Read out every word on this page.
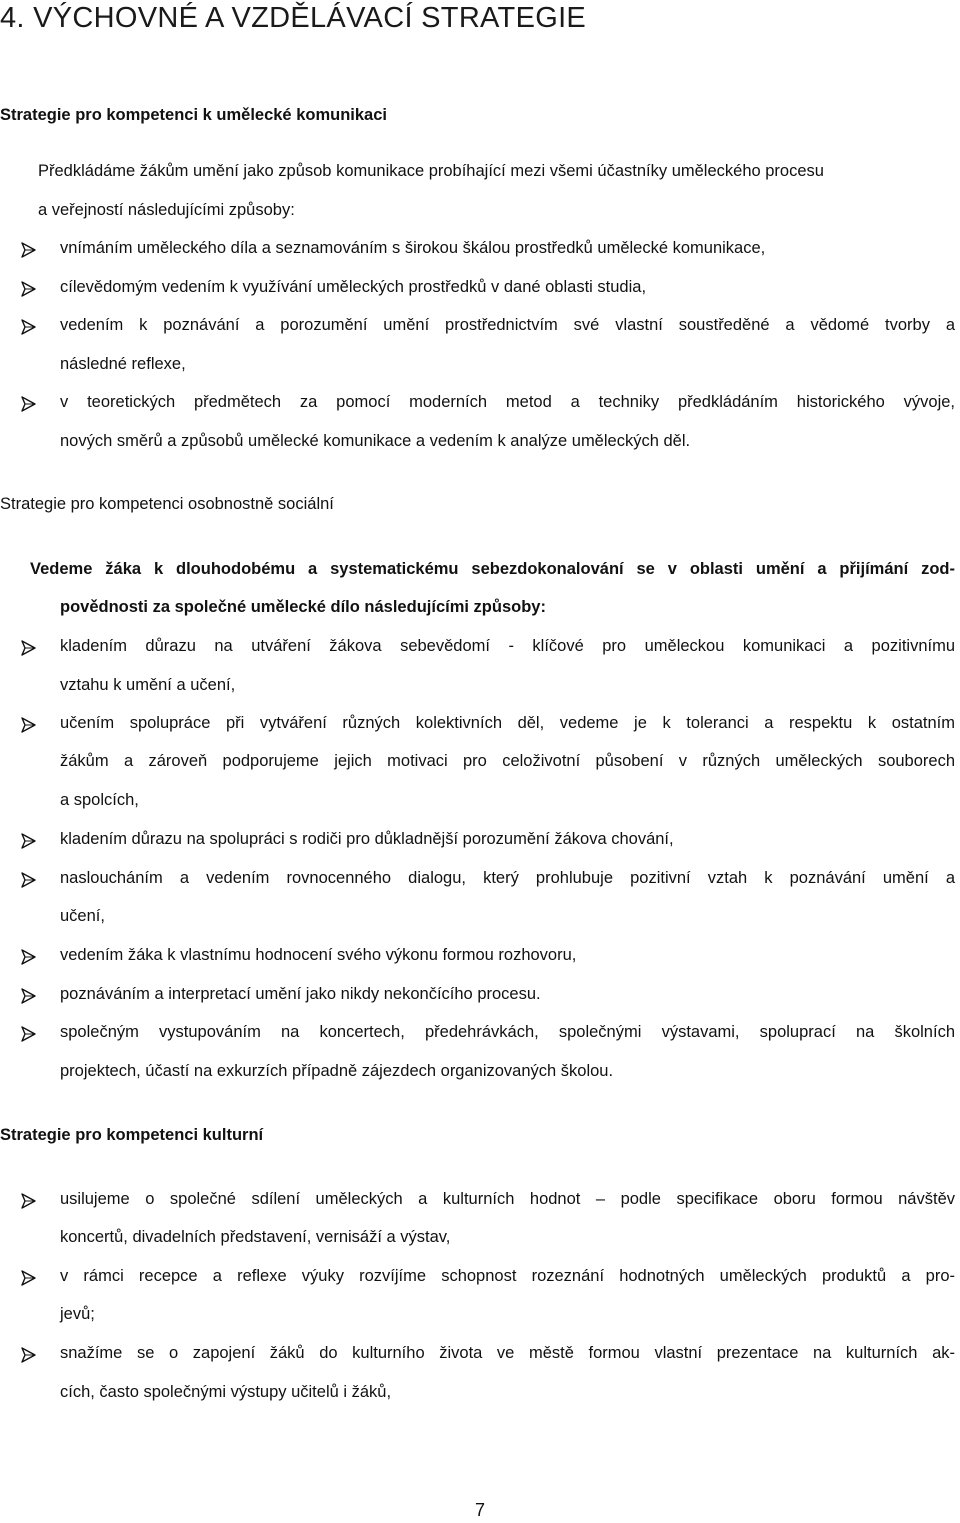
4. VÝCHOVNÉ A VZDĚLÁVACÍ STRATEGIE
Strategie pro kompetenci k umělecké komunikaci
Předkládáme žákům umění jako způsob komunikace probíhající mezi všemi účastníky uměleckého procesu
a veřejností následujícími způsoby:
vnímáním uměleckého díla a seznamováním s širokou škálou prostředků umělecké komunikace,
cílevědomým vedením k využívání uměleckých prostředků v dané oblasti studia,
vedením k poznávání a porozumění umění prostřednictvím své vlastní soustředěné a vědomé tvorby a
následné reflexe,
v teoretických předmětech za pomocí moderních metod a techniky předkládáním historického vývoje,
nových směrů a způsobů umělecké komunikace a vedením k analýze uměleckých děl.
Strategie pro kompetenci osobnostně sociální
Vedeme žáka k dlouhodobému a systematickému sebezdokonalování se v oblasti umění a přijímání zod-
povědnosti za společné umělecké dílo následujícími způsoby:
kladením důrazu na utváření žákova sebevědomí - klíčové pro uměleckou komunikaci a pozitivnímu
vztahu k umění a učení,
učením spolupráce při vytváření různých kolektivních děl, vedeme je k toleranci a respektu k ostatním
žákům a zároveň podporujeme jejich motivaci pro celoživotní působení v různých uměleckých souborech
a spolcích,
kladením důrazu na spolupráci s rodiči pro důkladnější porozumění žákova chování,
nasloucháním a vedením rovnocenného dialogu, který prohlubuje pozitivní vztah k poznávání umění a
učení,
vedením žáka k vlastnímu hodnocení svého výkonu formou rozhovoru,
poznáváním a interpretací umění jako nikdy nekončícího procesu.
společným vystupováním na koncertech, předehrávkách, společnými výstavami, spoluprací na školních
projektech, účastí na exkurzích případně zájezdech organizovaných školou.
Strategie pro kompetenci kulturní
usilujeme o společné sdílení uměleckých a kulturních hodnot – podle specifikace oboru formou návštěv
koncertů, divadelních představení, vernisáží a výstav,
v rámci recepce a reflexe výuky rozvíjíme schopnost rozeznání hodnotných uměleckých produktů a pro-
jevů;
snažíme se o zapojení žáků do kulturního života ve městě formou vlastní prezentace na kulturních ak-
cích, často společnými výstupy učitelů i žáků,
7
